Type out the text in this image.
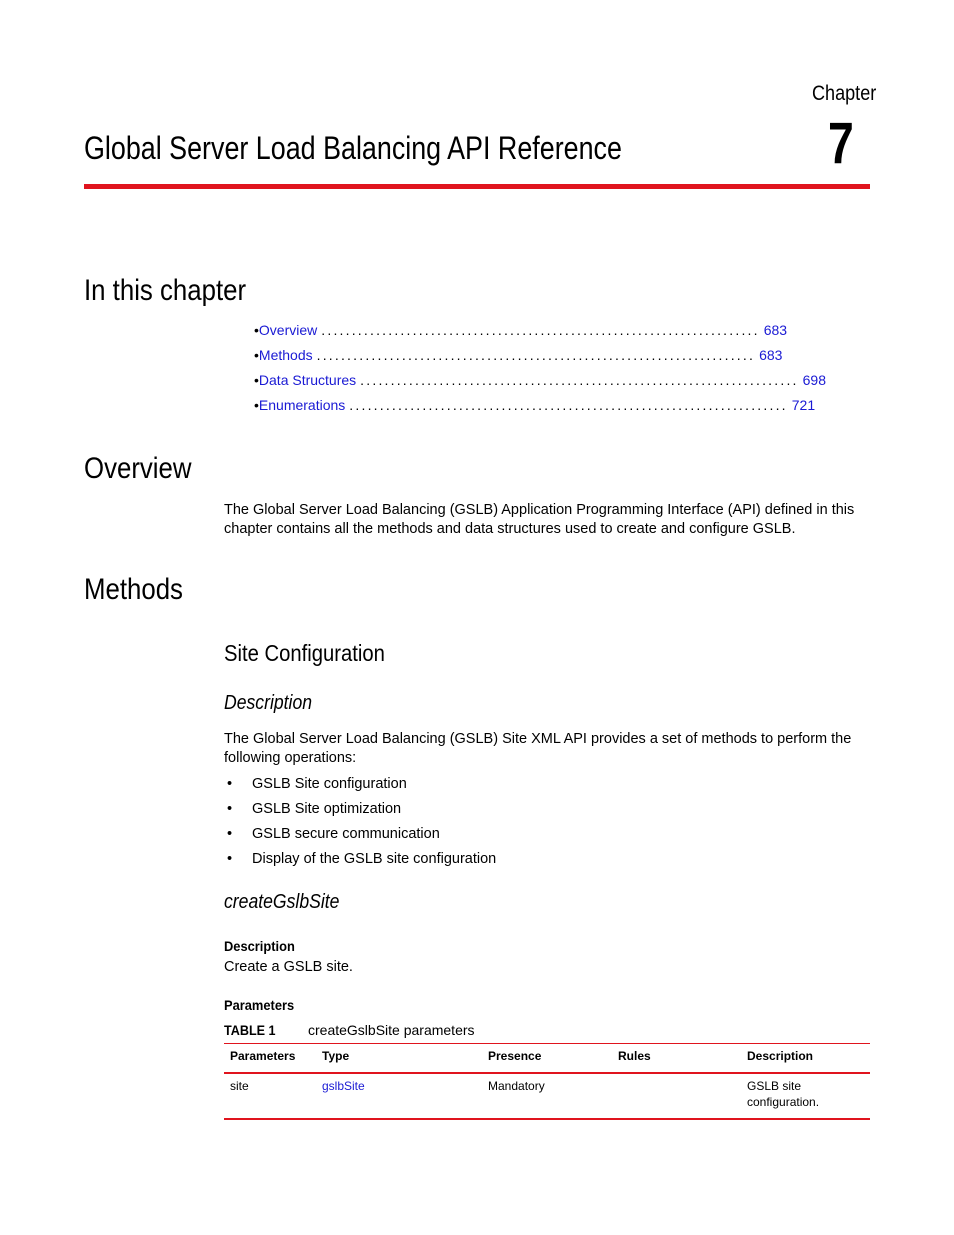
Chapter
7
Global Server Load Balancing API Reference
In this chapter
• Overview ........................................................................ 683
• Methods ........................................................................ 683
• Data Structures ........................................................................ 698
• Enumerations ........................................................................ 721
Overview
The Global Server Load Balancing (GSLB) Application Programming Interface (API) defined in this chapter contains all the methods and data structures used to create and configure GSLB.
Methods
Site Configuration
Description
The Global Server Load Balancing (GSLB) Site XML API provides a set of methods to perform the following operations:
•	GSLB Site configuration
•	GSLB Site optimization
•	GSLB secure communication
•	Display of the GSLB site configuration
createGslbSite
Description
Create a GSLB site.
Parameters
TABLE 1 createGslbSite parameters
Parameters	Type	Presence	Rules	Description
site	gslbSite	Mandatory		GSLB site configuration.
